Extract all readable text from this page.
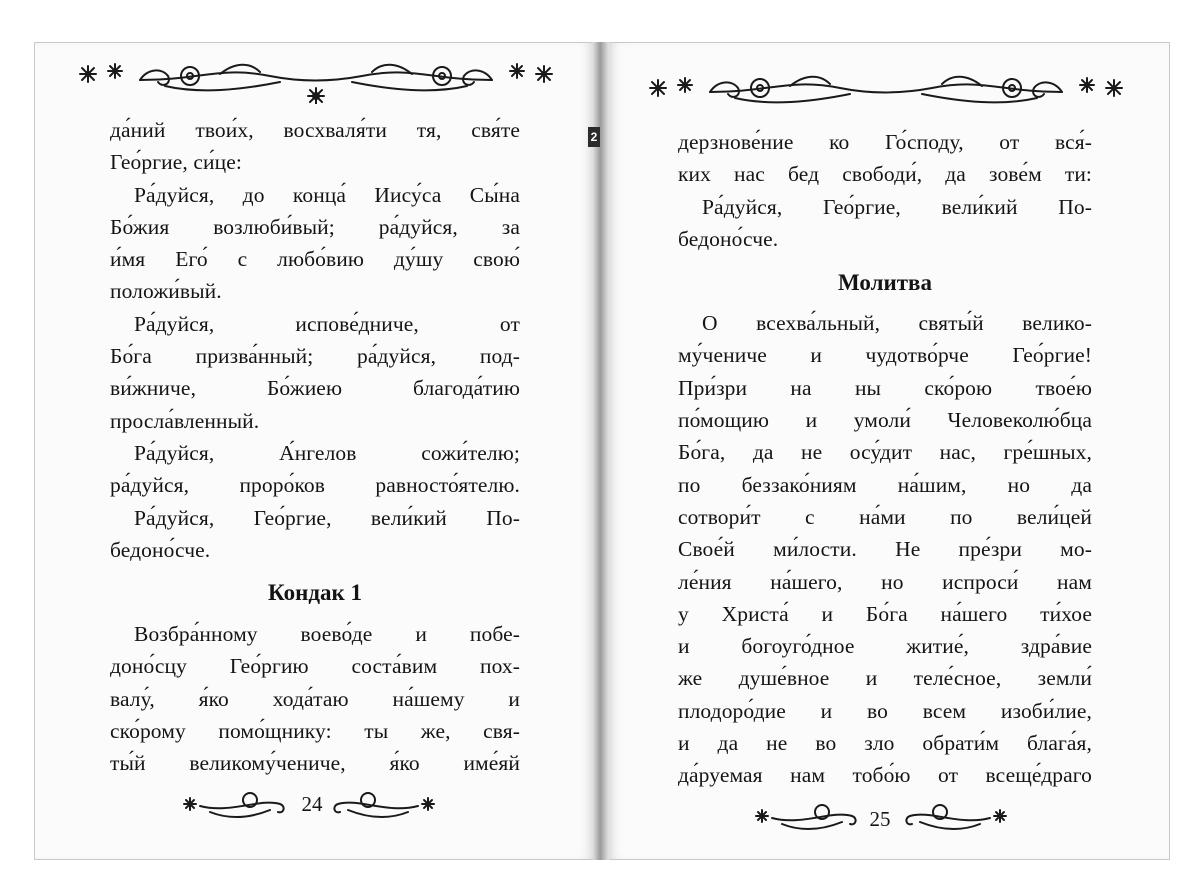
2
да́ний твои́х, восхваля́ти тя, свя́те
Гео́ргие, си́це:
Ра́дуйся, до конца́ Иису́са Сы́на
Бо́жия возлюби́вый; ра́дуйся, за
и́мя Его́ с любо́вию ду́шу свою́
положи́вый.
Ра́дуйся, испове́дниче, от
Бо́га призва́нный; ра́дуйся, под-
ви́жниче, Бо́жиею благода́тию
просла́вленный.
Ра́дуйся, А́нгелов сожи́телю;
ра́дуйся, проро́ков равносто́ятелю.
Ра́дуйся, Гео́ргие, вели́кий По-
бедоно́сче.
Кондак 1
Возбра́нному воево́де и побе-
доно́сцу Гео́ргию соста́вим пох-
валу́, я́ко хода́таю на́шему и
ско́рому помо́щнику: ты же, свя-
ты́й великому́чениче, я́ко име́яй
дерзнове́ние ко Го́споду, от вся́-
ких нас бед свободи́, да зове́м ти:
Ра́дуйся, Гео́ргие, вели́кий По-
бедоно́сче.
Молитва
О всехва́льный, святы́й велико-
му́чениче и чудотво́рче Гео́ргие!
При́зри на ны ско́рою твое́ю
по́мощию и умоли́ Человеколю́бца
Бо́га, да не осу́дит нас, гре́шных,
по беззако́ниям на́шим, но да
сотвори́т с на́ми по вели́цей
Свое́й ми́лости. Не пре́зри мо-
ле́ния на́шего, но испроси́ нам
у Христа́ и Бо́га на́шего ти́хое
и богоуго́дное житие́, здра́вие
же душе́вное и теле́сное, земли́
плодоро́дие и во всем изоби́лие,
и да не во зло обрати́м блага́я,
да́руемая нам тобо́ю от всеще́драго
24
25
